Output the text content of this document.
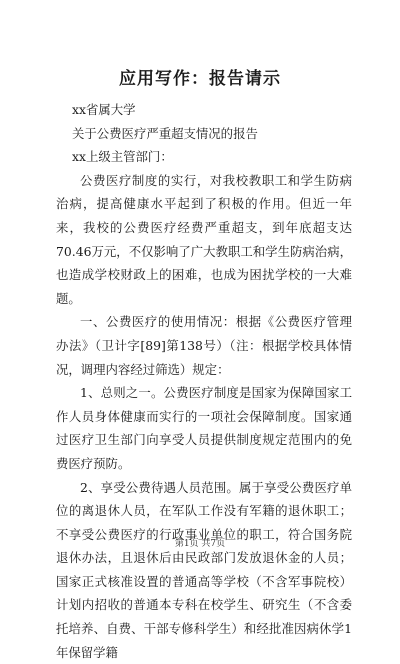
应用写作：报告请示

xx省属大学

关于公费医疗严重超支情况的报告

xx上级主管部门：

公费医疗制度的实行，对我校教职工和学生防病治病，提高健康水平起到了积极的作用。但近一年来，我校的公费医疗经费严重超支，到年底超支达70.46万元，不仅影响了广大教职工和学生防病治病，也造成学校财政上的困难，也成为困扰学校的一大难题。

一、公费医疗的使用情况：根据《公费医疗管理办法》（卫计字[89]第138号）（注：根据学校具体情况，调理内容经过筛选）规定：

1、总则之一。公费医疗制度是国家为保障国家工作人员身体健康而实行的一项社会保障制度。国家通过医疗卫生部门向享受人员提供制度规定范围内的免费医疗预防。

2、享受公费待遇人员范围。属于享受公费医疗单位的离退休人员，在军队工作没有军籍的退休职工；不享受公费医疗的行政事业单位的职工，符合国务院退休办法，且退休后由民政部门发放退休金的人员；国家正式核准设置的普通高等学校（不含军事院校）计划内招收的普通本专科在校学生、研究生（不含委托培养、自费、干部专修科学生）和经批准因病休学1年保留学籍

第1页 共7页
